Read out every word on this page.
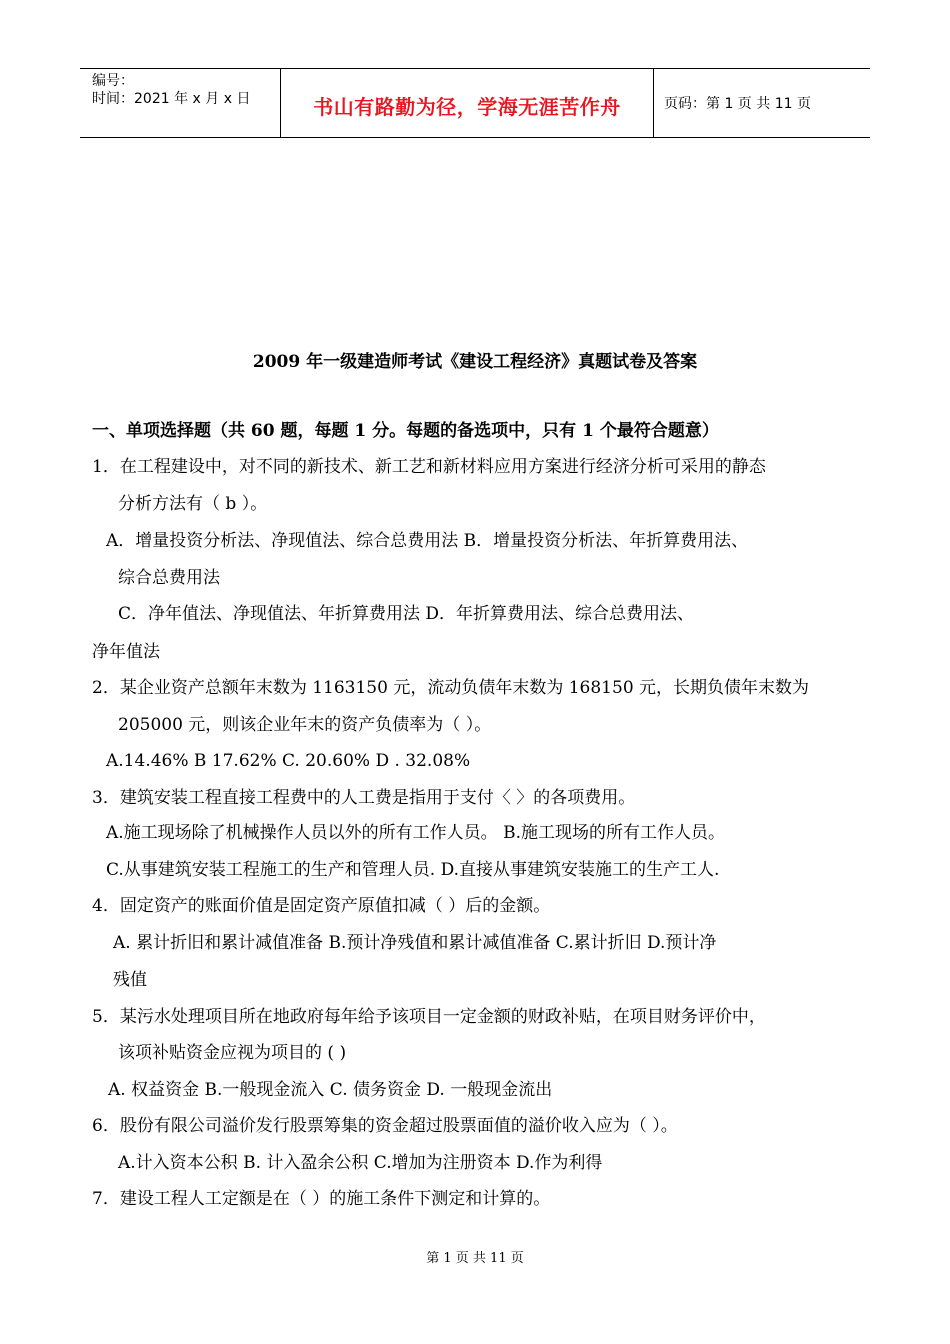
编号：
时间：2021 年 x 月 x 日	书山有路勤为径，学海无涯苦作舟	页码：第 1 页 共 11 页
2009 年一级建造师考试《建设工程经济》真题试卷及答案
一、单项选择题（共 60 题，每题 1 分。每题的备选项中，只有 1 个最符合题意）
1．在工程建设中，对不同的新技术、新工艺和新材料应用方案进行经济分析可采用的静态
分析方法有（ b ）。
A．增量投资分析法、净现值法、综合总费用法 B．增量投资分析法、年折算费用法、
综合总费用法
C．净年值法、净现值法、年折算费用法 D．年折算费用法、综合总费用法、
净年值法
2．某企业资产总额年末数为 1163150 元，流动负债年末数为 168150 元，长期负债年末数为
205000 元，则该企业年末的资产负债率为（ ）。
A.14.46% B 17.62% C. 20.60% D . 32.08%
3．建筑安装工程直接工程费中的人工费是指用于支付〈 〉的各项费用。
A.施工现场除了机械操作人员以外的所有工作人员。 B.施工现场的所有工作人员。
C.从事建筑安装工程施工的生产和管理人员. D.直接从事建筑安装施工的生产工人.
4．固定资产的账面价值是固定资产原值扣减（ ）后的金额。
A. 累计折旧和累计减值准备 B.预计净残值和累计减值准备 C.累计折旧 D.预计净
残值
5．某污水处理项目所在地政府每年给予该项目一定金额的财政补贴，在项目财务评价中，
该项补贴资金应视为项目的 ( )
A. 权益资金 B.一般现金流入 C. 债务资金 D. 一般现金流出
6．股份有限公司溢价发行股票筹集的资金超过股票面值的溢价收入应为（ ）。
A.计入资本公积 B. 计入盈余公积 C.增加为注册资本 D.作为利得
7．建设工程人工定额是在（ ）的施工条件下测定和计算的。
第 1 页 共 11 页
